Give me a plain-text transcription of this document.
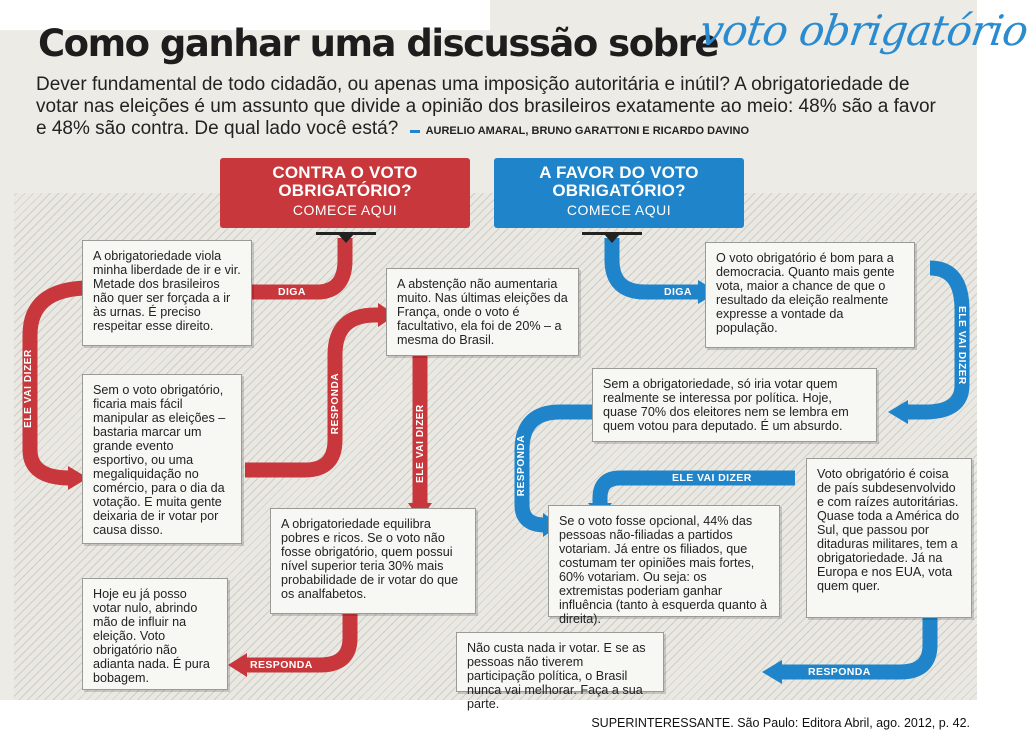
Como ganhar uma discussão sobre
voto obrigatório
Dever fundamental de todo cidadão, ou apenas uma imposição autoritária e inútil? A obrigatoriedade de votar nas eleições é um assunto que divide a opinião dos brasileiros exatamente ao meio: 48% são a favor e 48% são contra. De qual lado você está? AURELIO AMARAL, BRUNO GARATTONI E RICARDO DAVINO
CONTRA O VOTO OBRIGATÓRIO?
COMECE AQUI
A FAVOR DO VOTO OBRIGATÓRIO?
COMECE AQUI
DIGA
ELE VAI DIZER	RESPONDA
ELE VAI DIZER
RESPONDA
DIGA
ELE VAI DIZER
RESPONDA	ELE VAI DIZER
RESPONDA
A obrigatoriedade viola minha liberdade de ir e vir. Metade dos brasileiros não quer ser forçada a ir às urnas. É preciso respeitar esse direito.
Sem o voto obrigatório, ficaria mais fácil manipular as eleições – bastaria marcar um grande evento esportivo, ou uma megaliquidação no comércio, para o dia da votação. E muita gente deixaria de ir votar por causa disso.
A abstenção não aumentaria muito. Nas últimas eleições da França, onde o voto é facultativo, ela foi de 20% – a mesma do Brasil.
A obrigatoriedade equilibra pobres e ricos. Se o voto não fosse obrigatório, quem possui nível superior teria 30% mais probabilidade de ir votar do que os analfabetos.
Hoje eu já posso votar nulo, abrindo mão de influir na eleição. Voto obrigatório não adianta nada. É pura bobagem.
O voto obrigatório é bom para a democracia. Quanto mais gente vota, maior a chance de que o resultado da eleição realmente expresse a vontade da população.
Sem a obrigatoriedade, só iria votar quem realmente se interessa por política. Hoje, quase 70% dos eleitores nem se lembra em quem votou para deputado. É um absurdo.
Se o voto fosse opcional, 44% das pessoas não-filiadas a partidos votariam. Já entre os filiados, que costumam ter opiniões mais fortes, 60% votariam. Ou seja: os extremistas poderiam ganhar influência (tanto à esquerda quanto à direita).
Voto obrigatório é coisa de país subdesenvolvido e com raízes autoritárias. Quase toda a América do Sul, que passou por ditaduras militares, tem a obrigatoriedade. Já na Europa e nos EUA, vota quem quer.
Não custa nada ir votar. E se as pessoas não tiverem participação política, o Brasil nunca vai melhorar. Faça a sua parte.
SUPERINTERESSANTE. São Paulo: Editora Abril, ago. 2012, p. 42.
